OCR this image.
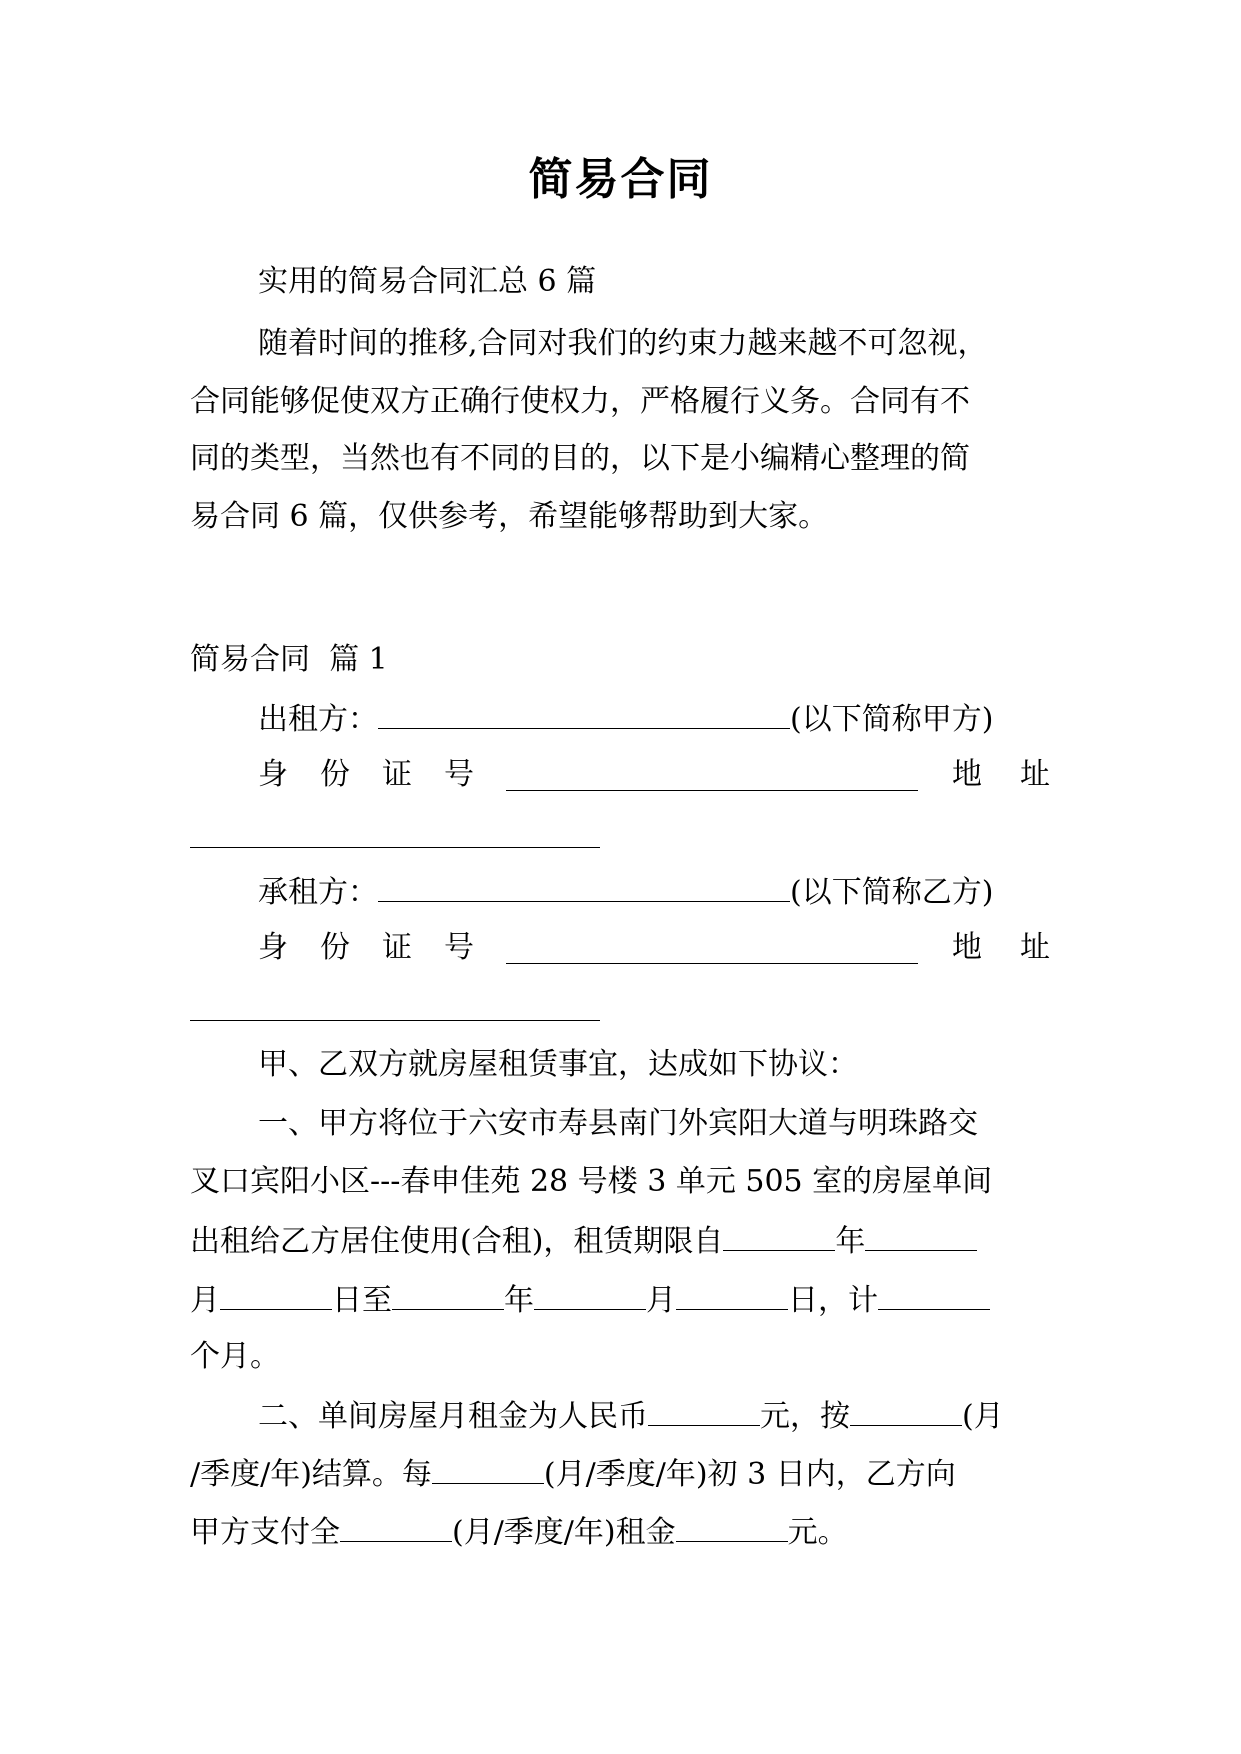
简易合同

实用的简易合同汇总 6 篇

随着时间的推移,合同对我们的约束力越来越不可忽视，

合同能够促使双方正确行使权力，严格履行义务。合同有不

同的类型，当然也有不同的目的，以下是小编精心整理的简

易合同 6 篇，仅供参考，希望能够帮助到大家。

简易合同  篇 1

出租方：	(以下简称甲方)
身 份 证 号	地 址
承租方：	(以下简称乙方)
身 份 证 号	地 址

甲、乙双方就房屋租赁事宜，达成如下协议：

一、甲方将位于六安市寿县南门外宾阳大道与明珠路交

叉口宾阳小区---春申佳苑 28 号楼 3 单元 505 室的房屋单间

出租给乙方居住使用(合租)，租赁期限自	年
月	日至	年	月	日，计

个月。

二、单间房屋月租金为人民币	元，按	(月
/季度/年)结算。每	(月/季度/年)初 3 日内，乙方向
甲方支付全	(月/季度/年)租金	元。
